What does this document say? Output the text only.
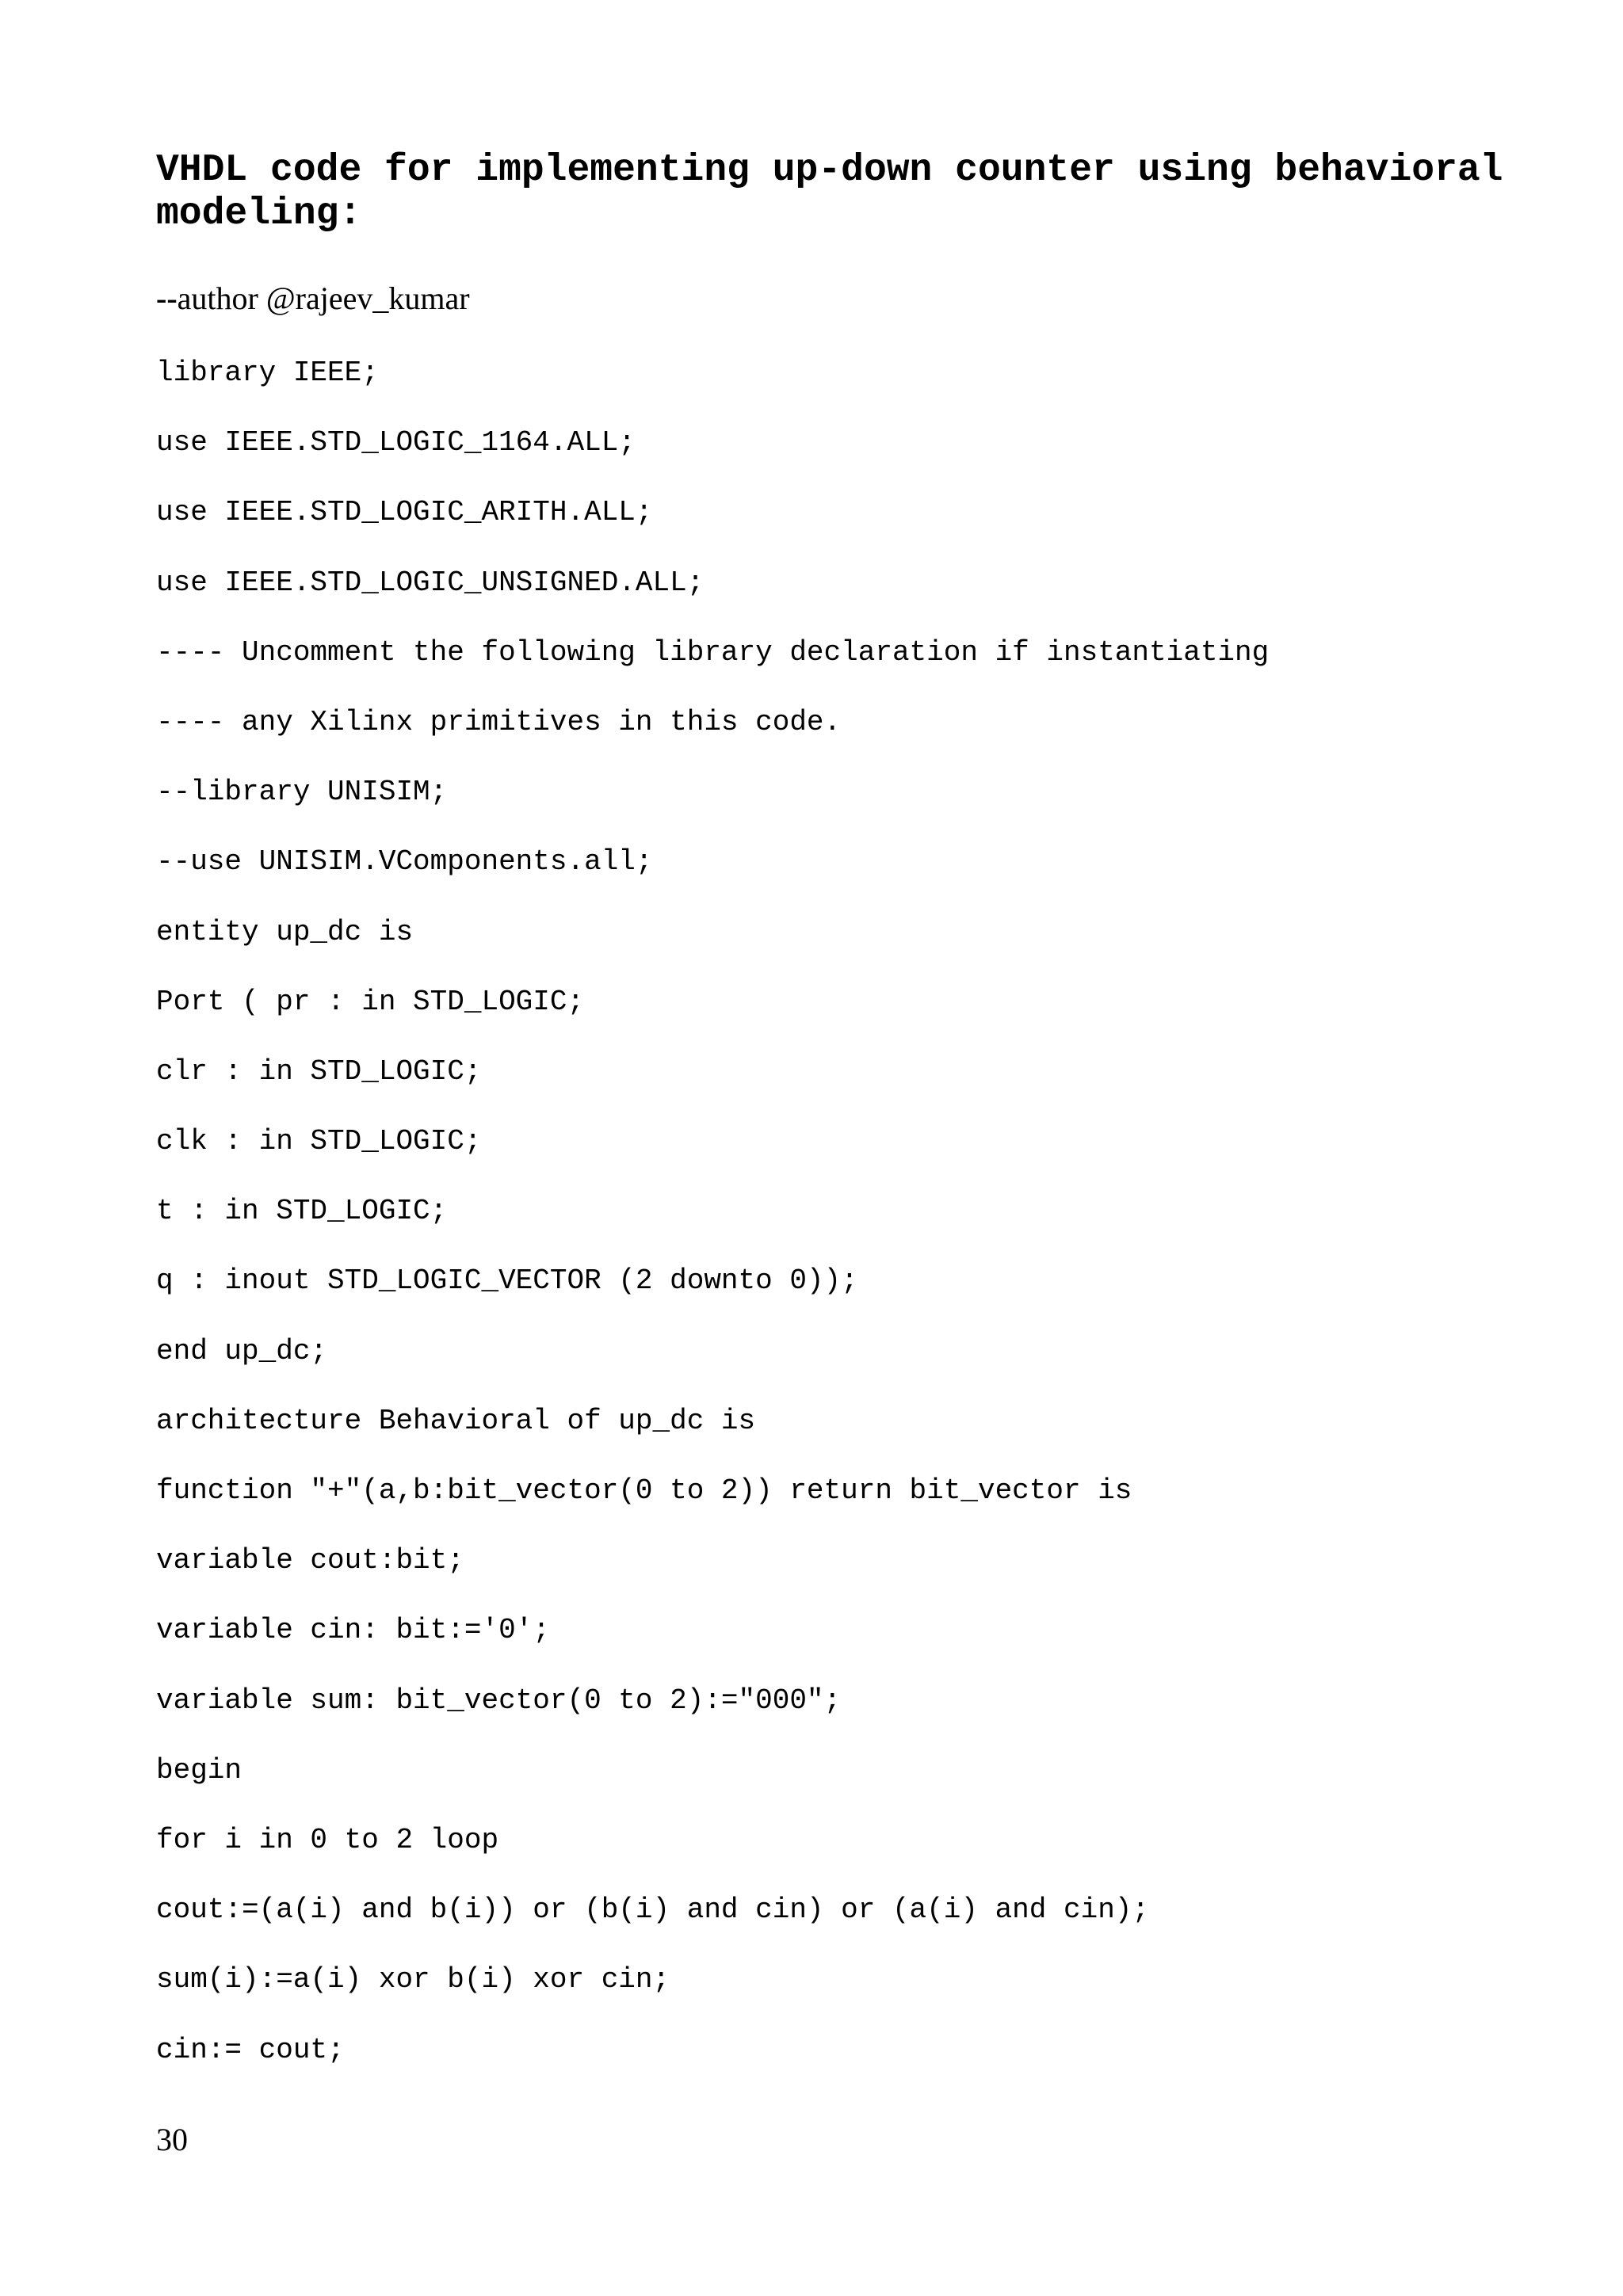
VHDL code for implementing up-down counter using behavioral modeling:
--author @rajeev_kumar
library IEEE;
use IEEE.STD_LOGIC_1164.ALL;
use IEEE.STD_LOGIC_ARITH.ALL;
use IEEE.STD_LOGIC_UNSIGNED.ALL;
---- Uncomment the following library declaration if instantiating
---- any Xilinx primitives in this code.
--library UNISIM;
--use UNISIM.VComponents.all;
entity up_dc is
Port ( pr : in STD_LOGIC;
clr : in STD_LOGIC;
clk : in STD_LOGIC;
t : in STD_LOGIC;
q : inout STD_LOGIC_VECTOR (2 downto 0));
end up_dc;
architecture Behavioral of up_dc is
function "+"(a,b:bit_vector(0 to 2)) return bit_vector is
variable cout:bit;
variable cin: bit:='0';
variable sum: bit_vector(0 to 2):="000";
begin
for i in 0 to 2 loop
cout:=(a(i) and b(i)) or (b(i) and cin) or (a(i) and cin);
sum(i):=a(i) xor b(i) xor cin;
cin:= cout;
30
